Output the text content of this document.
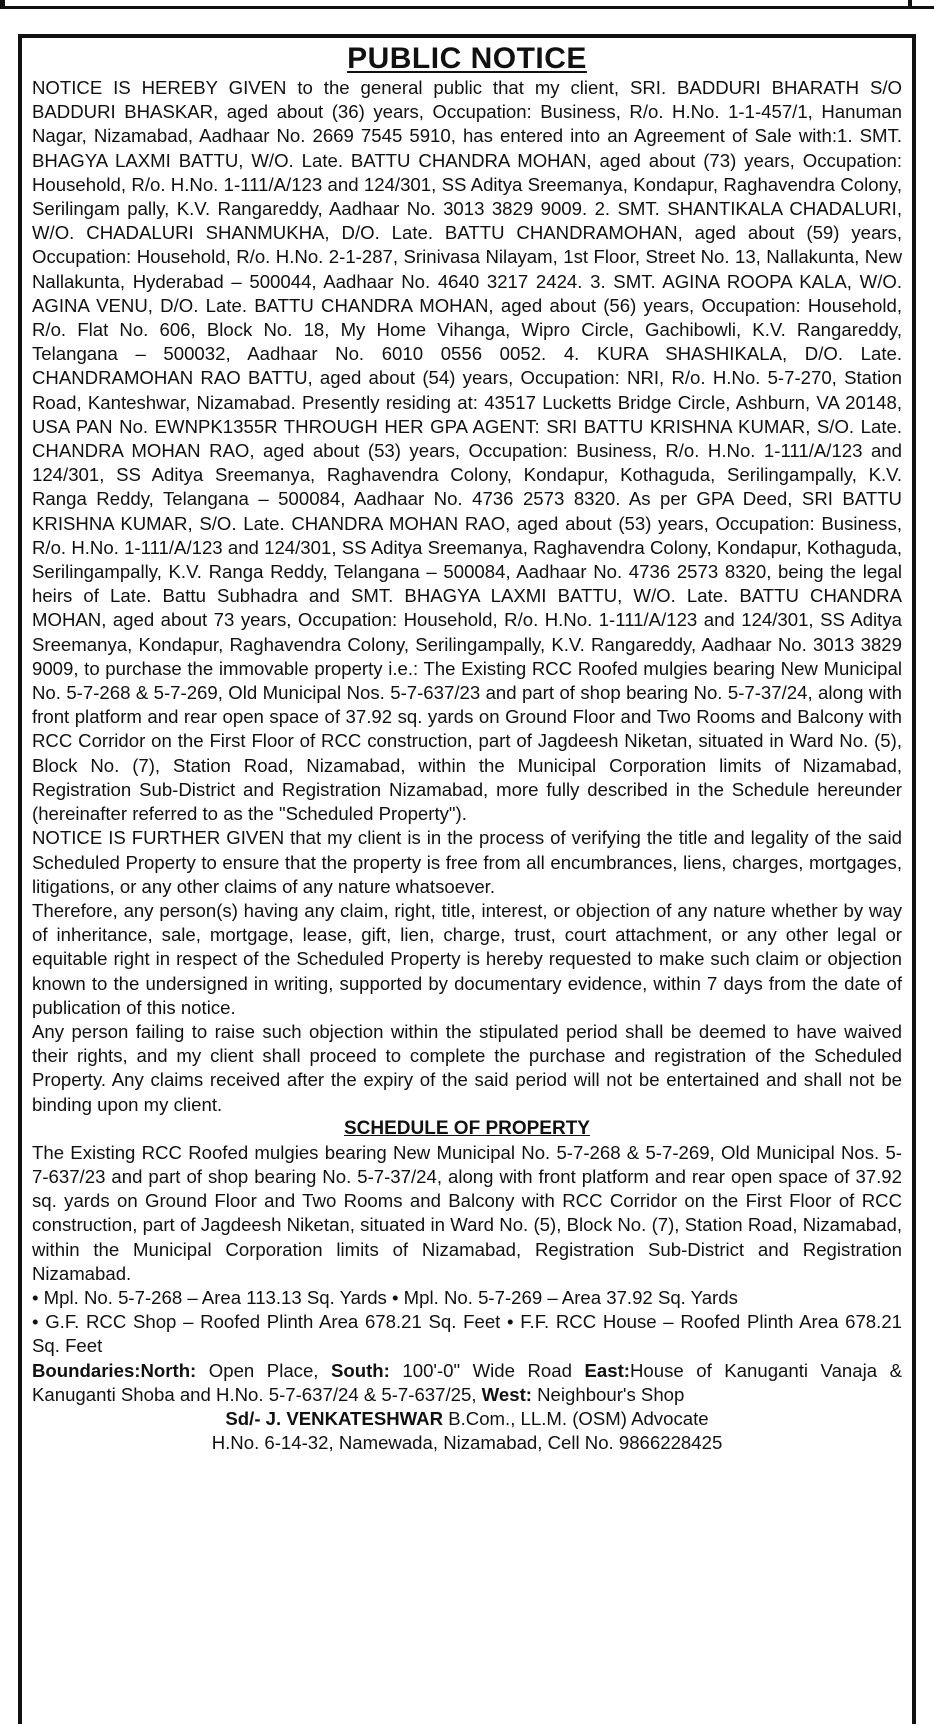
PUBLIC NOTICE

NOTICE IS HEREBY GIVEN to the general public that my client, SRI. BADDURI BHARATH S/O BADDURI BHASKAR, aged about (36) years, Occupation: Business, R/o. H.No. 1-1-457/1, Hanuman Nagar, Nizamabad, Aadhaar No. 2669 7545 5910, has entered into an Agreement of Sale with:1. SMT. BHAGYA LAXMI BATTU, W/O. Late. BATTU CHANDRA MOHAN, aged about (73) years, Occupation: Household, R/o. H.No. 1-111/A/123 and 124/301, SS Aditya Sreemanya, Kondapur, Raghavendra Colony, Serilingam pally, K.V. Rangareddy, Aadhaar No. 3013 3829 9009. 2. SMT. SHANTIKALA CHADALURI, W/O. CHADALURI SHANMUKHA, D/O. Late. BATTU CHANDRAMOHAN, aged about (59) years, Occupation: Household, R/o. H.No. 2-1-287, Srinivasa Nilayam, 1st Floor, Street No. 13, Nallakunta, New Nallakunta, Hyderabad – 500044, Aadhaar No. 4640 3217 2424. 3. SMT. AGINA ROOPA KALA, W/O. AGINA VENU, D/O. Late. BATTU CHANDRA MOHAN, aged about (56) years, Occupation: Household, R/o. Flat No. 606, Block No. 18, My Home Vihanga, Wipro Circle, Gachibowli, K.V. Rangareddy, Telangana – 500032, Aadhaar No. 6010 0556 0052. 4. KURA SHASHIKALA, D/O. Late. CHANDRAMOHAN RAO BATTU, aged about (54) years, Occupation: NRI, R/o. H.No. 5-7-270, Station Road, Kanteshwar, Nizamabad. Presently residing at: 43517 Lucketts Bridge Circle, Ashburn, VA 20148, USA PAN No. EWNPK1355R THROUGH HER GPA AGENT: SRI BATTU KRISHNA KUMAR, S/O. Late. CHANDRA MOHAN RAO, aged about (53) years, Occupation: Business, R/o. H.No. 1-111/A/123 and 124/301, SS Aditya Sreemanya, Raghavendra Colony, Kondapur, Kothaguda, Serilingampally, K.V. Ranga Reddy, Telangana – 500084, Aadhaar No. 4736 2573 8320. As per GPA Deed, SRI BATTU KRISHNA KUMAR, S/O. Late. CHANDRA MOHAN RAO, aged about (53) years, Occupation: Business, R/o. H.No. 1-111/A/123 and 124/301, SS Aditya Sreemanya, Raghavendra Colony, Kondapur, Kothaguda, Serilingampally, K.V. Ranga Reddy, Telangana – 500084, Aadhaar No. 4736 2573 8320, being the legal heirs of Late. Battu Subhadra and SMT. BHAGYA LAXMI BATTU, W/O. Late. BATTU CHANDRA MOHAN, aged about 73 years, Occupation: Household, R/o. H.No. 1-111/A/123 and 124/301, SS Aditya Sreemanya, Kondapur, Raghavendra Colony, Serilingampally, K.V. Rangareddy, Aadhaar No. 3013 3829 9009, to purchase the immovable property i.e.: The Existing RCC Roofed mulgies bearing New Municipal No. 5-7-268 & 5-7-269, Old Municipal Nos. 5-7-637/23 and part of shop bearing No. 5-7-37/24, along with front platform and rear open space of 37.92 sq. yards on Ground Floor and Two Rooms and Balcony with RCC Corridor on the First Floor of RCC construction, part of Jagdeesh Niketan, situated in Ward No. (5), Block No. (7), Station Road, Nizamabad, within the Municipal Corporation limits of Nizamabad, Registration Sub-District and Registration Nizamabad, more fully described in the Schedule hereunder (hereinafter referred to as the "Scheduled Property").

NOTICE IS FURTHER GIVEN that my client is in the process of verifying the title and legality of the said Scheduled Property to ensure that the property is free from all encumbrances, liens, charges, mortgages, litigations, or any other claims of any nature whatsoever.

Therefore, any person(s) having any claim, right, title, interest, or objection of any nature whether by way of inheritance, sale, mortgage, lease, gift, lien, charge, trust, court attachment, or any other legal or equitable right in respect of the Scheduled Property is hereby requested to make such claim or objection known to the undersigned in writing, supported by documentary evidence, within 7 days from the date of publication of this notice.

Any person failing to raise such objection within the stipulated period shall be deemed to have waived their rights, and my client shall proceed to complete the purchase and registration of the Scheduled Property. Any claims received after the expiry of the said period will not be entertained and shall not be binding upon my client.

SCHEDULE OF PROPERTY

The Existing RCC Roofed mulgies bearing New Municipal No. 5-7-268 & 5-7-269, Old Municipal Nos. 5-7-637/23 and part of shop bearing No. 5-7-37/24, along with front platform and rear open space of 37.92 sq. yards on Ground Floor and Two Rooms and Balcony with RCC Corridor on the First Floor of RCC construction, part of Jagdeesh Niketan, situated in Ward No. (5), Block No. (7), Station Road, Nizamabad, within the Municipal Corporation limits of Nizamabad, Registration Sub-District and Registration Nizamabad.

• Mpl. No. 5-7-268 – Area 113.13 Sq. Yards • Mpl. No. 5-7-269 – Area 37.92 Sq. Yards

• G.F. RCC Shop – Roofed Plinth Area 678.21 Sq. Feet • F.F. RCC House – Roofed Plinth Area 678.21 Sq. Feet

Boundaries:North: Open Place, South: 100'-0" Wide Road East:House of Kanuganti Vanaja & Kanuganti Shoba and H.No. 5-7-637/24 & 5-7-637/25, West: Neighbour's Shop

Sd/- J. VENKATESHWAR B.Com., LL.M. (OSM) Advocate

H.No. 6-14-32, Namewada, Nizamabad, Cell No. 9866228425
